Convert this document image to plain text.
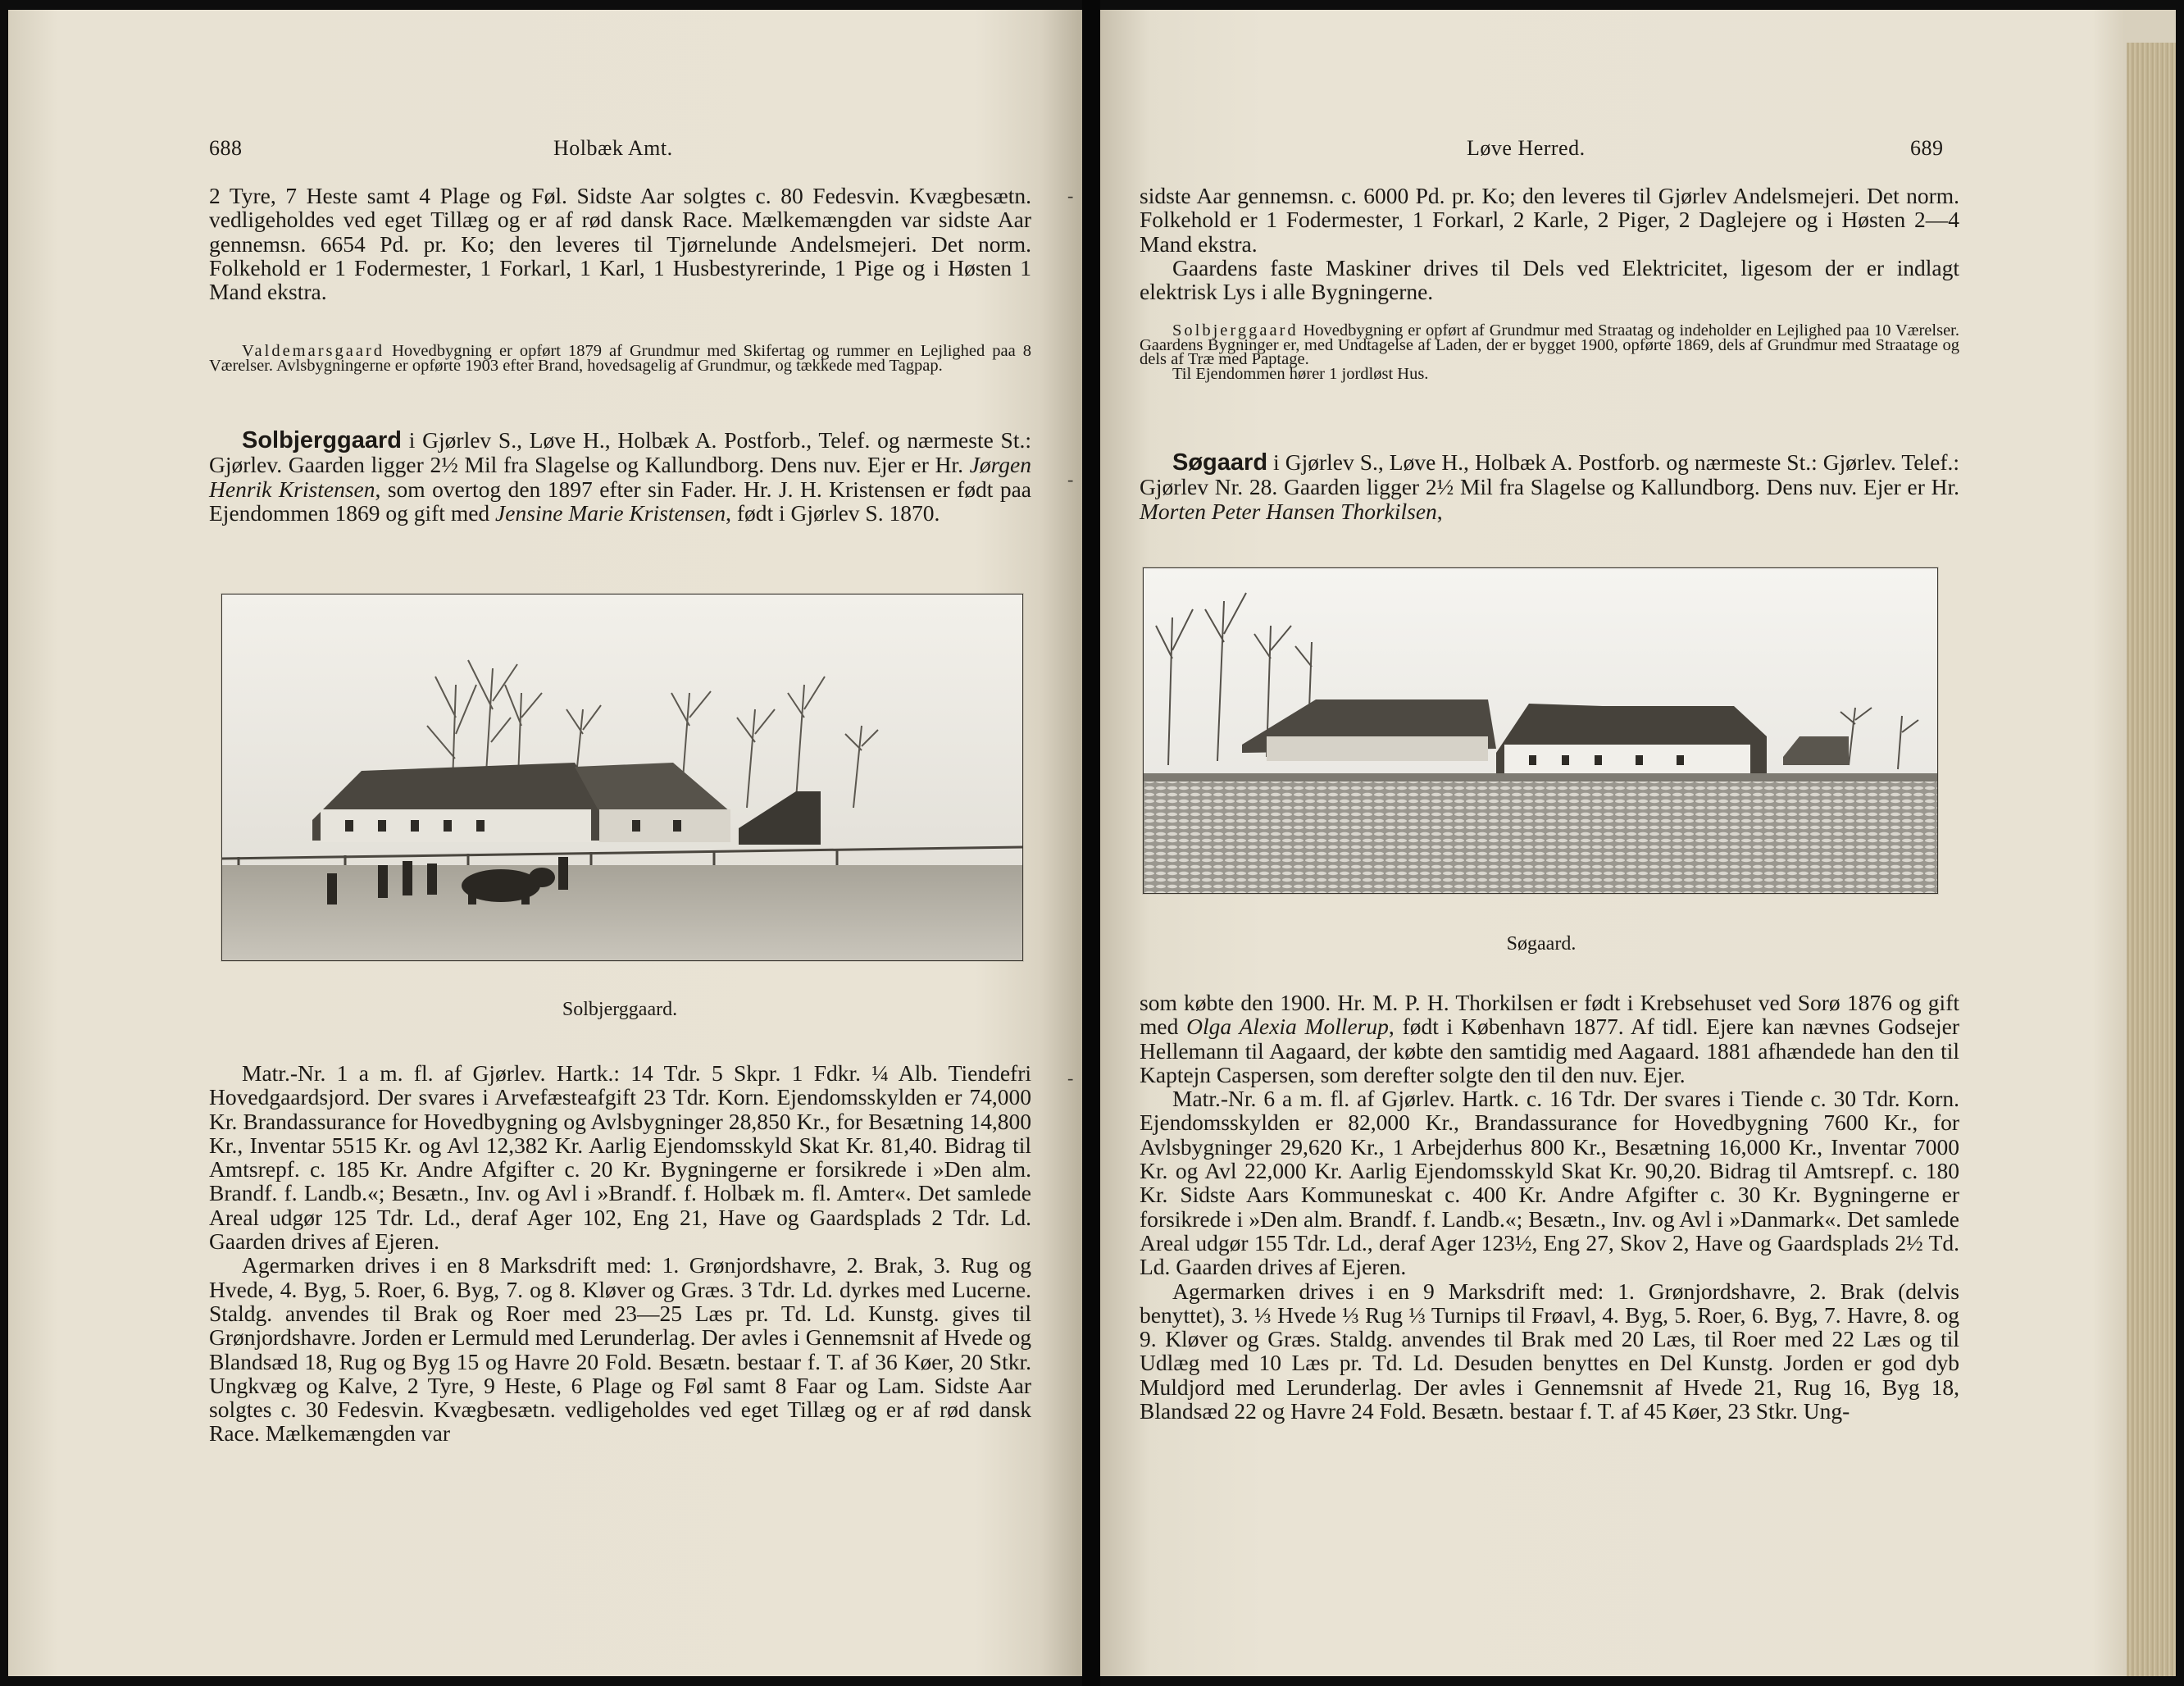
688	Holbæk Amt.

2 Tyre, 7 Heste samt 4 Plage og Føl. Sidste Aar solgtes c. 80 Fedesvin. Kvægbesætn. vedligeholdes ved eget Tillæg og er af rød dansk Race. Mælkemængden var sidste Aar gennemsn. 6654 Pd. pr. Ko; den leveres til Tjørnelunde Andelsmejeri. Det norm. Folkehold er 1 Fodermester, 1 Forkarl, 1 Karl, 1 Husbestyrerinde, 1 Pige og i Høsten 1 Mand ekstra.

Valdemarsgaard Hovedbygning er opført 1879 af Grundmur med Skifertag og rummer en Lejlighed paa 8 Værelser. Avlsbygningerne er opførte 1903 efter Brand, hovedsagelig af Grundmur, og tækkede med Tagpap.

Solbjerggaard i Gjørlev S., Løve H., Holbæk A. Postforb., Telef. og nærmeste St.: Gjørlev. Gaarden ligger 2½ Mil fra Slagelse og Kallundborg. Dens nuv. Ejer er Hr. Jørgen Henrik Kristensen, som overtog den 1897 efter sin Fader. Hr. J. H. Kristensen er født paa Ejendommen 1869 og gift med Jensine Marie Kristensen, født i Gjørlev S. 1870.

Solbjerggaard.

Matr.-Nr. 1 a m. fl. af Gjørlev. Hartk.: 14 Tdr. 5 Skpr. 1 Fdkr. ¼ Alb. Tiendefri Hovedgaardsjord. Der svares i Arvefæsteafgift 23 Tdr. Korn. Ejendomsskylden er 74,000 Kr. Brandassurance for Hovedbygning og Avlsbygninger 28,850 Kr., for Besætning 14,800 Kr., Inventar 5515 Kr. og Avl 12,382 Kr. Aarlig Ejendomsskyld Skat Kr. 81,40. Bidrag til Amtsrepf. c. 185 Kr. Andre Afgifter c. 20 Kr. Bygningerne er forsikrede i »Den alm. Brandf. f. Landb.«; Besætn., Inv. og Avl i »Brandf. f. Holbæk m. fl. Amter«. Det samlede Areal udgør 125 Tdr. Ld., deraf Ager 102, Eng 21, Have og Gaardsplads 2 Tdr. Ld. Gaarden drives af Ejeren.

Agermarken drives i en 8 Marksdrift med: 1. Grønjordshavre, 2. Brak, 3. Rug og Hvede, 4. Byg, 5. Roer, 6. Byg, 7. og 8. Kløver og Græs. 3 Tdr. Ld. dyrkes med Lucerne. Staldg. anvendes til Brak og Roer med 23—25 Læs pr. Td. Ld. Kunstg. gives til Grønjordshavre. Jorden er Lermuld med Lerunderlag. Der avles i Gennemsnit af Hvede og Blandsæd 18, Rug og Byg 15 og Havre 20 Fold. Besætn. bestaar f. T. af 36 Køer, 20 Stkr. Ungkvæg og Kalve, 2 Tyre, 9 Heste, 6 Plage og Føl samt 8 Faar og Lam. Sidste Aar solgtes c. 30 Fedesvin. Kvægbesætn. vedligeholdes ved eget Tillæg og er af rød dansk Race. Mælkemængden var

-
-
-
Løve Herred.	689

sidste Aar gennemsn. c. 6000 Pd. pr. Ko; den leveres til Gjørlev Andelsmejeri. Det norm. Folkehold er 1 Fodermester, 1 Forkarl, 2 Karle, 2 Piger, 2 Daglejere og i Høsten 2—4 Mand ekstra.

Gaardens faste Maskiner drives til Dels ved Elektricitet, ligesom der er indlagt elektrisk Lys i alle Bygningerne.

Solbjerggaard Hovedbygning er opført af Grundmur med Straatag og indeholder en Lejlighed paa 10 Værelser. Gaardens Bygninger er, med Undtagelse af Laden, der er bygget 1900, opførte 1869, dels af Grundmur med Straatage og dels af Træ med Paptage.

Til Ejendommen hører 1 jordløst Hus.

Søgaard i Gjørlev S., Løve H., Holbæk A. Postforb. og nærmeste St.: Gjørlev. Telef.: Gjørlev Nr. 28. Gaarden ligger 2½ Mil fra Slagelse og Kallundborg. Dens nuv. Ejer er Hr. Morten Peter Hansen Thorkilsen,

Søgaard.

som købte den 1900. Hr. M. P. H. Thorkilsen er født i Krebsehuset ved Sorø 1876 og gift med Olga Alexia Mollerup, født i København 1877. Af tidl. Ejere kan nævnes Godsejer Hellemann til Aagaard, der købte den samtidig med Aagaard. 1881 afhændede han den til Kaptejn Caspersen, som derefter solgte den til den nuv. Ejer.

Matr.-Nr. 6 a m. fl. af Gjørlev. Hartk. c. 16 Tdr. Der svares i Tiende c. 30 Tdr. Korn. Ejendomsskylden er 82,000 Kr., Brandassurance for Hovedbygning 7600 Kr., for Avlsbygninger 29,620 Kr., 1 Arbejderhus 800 Kr., Besætning 16,000 Kr., Inventar 7000 Kr. og Avl 22,000 Kr. Aarlig Ejendomsskyld Skat Kr. 90,20. Bidrag til Amtsrepf. c. 180 Kr. Sidste Aars Kommuneskat c. 400 Kr. Andre Afgifter c. 30 Kr. Bygningerne er forsikrede i »Den alm. Brandf. f. Landb.«; Besætn., Inv. og Avl i »Danmark«. Det samlede Areal udgør 155 Tdr. Ld., deraf Ager 123½, Eng 27, Skov 2, Have og Gaardsplads 2½ Td. Ld. Gaarden drives af Ejeren.

Agermarken drives i en 9 Marksdrift med: 1. Grønjordshavre, 2. Brak (delvis benyttet), 3. ⅓ Hvede ⅓ Rug ⅓ Turnips til Frøavl, 4. Byg, 5. Roer, 6. Byg, 7. Havre, 8. og 9. Kløver og Græs. Staldg. anvendes til Brak med 20 Læs, til Roer med 22 Læs og til Udlæg med 10 Læs pr. Td. Ld. Desuden benyttes en Del Kunstg. Jorden er god dyb Muldjord med Lerunderlag. Der avles i Gennemsnit af Hvede 21, Rug 16, Byg 18, Blandsæd 22 og Havre 24 Fold. Besætn. bestaar f. T. af 45 Køer, 23 Stkr. Ung-
